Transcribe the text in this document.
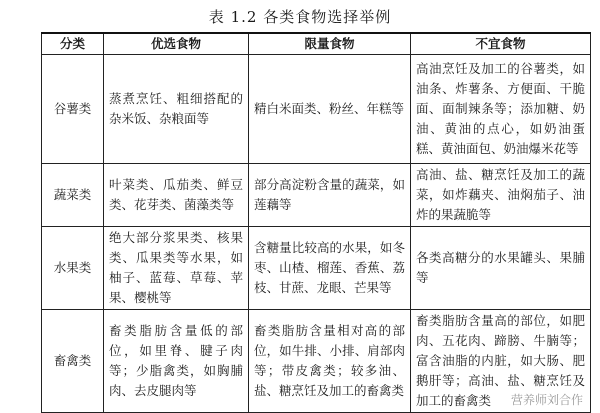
表 1.2 各类食物选择举例
分类	优选食物	限量食物	不宜食物
谷薯类	蒸煮烹饪、粗细搭配的杂米饭、杂粮面等	精白米面类、粉丝、年糕等	高油烹饪及加工的谷薯类，如油条、炸薯条、方便面、干脆面、面制辣条等；添加糖、奶油、黄油的点心，如奶油蛋糕、黄油面包、奶油爆米花等
蔬菜类	叶菜类、瓜茄类、鲜豆类、花芽类、菌藻类等	部分高淀粉含量的蔬菜，如莲藕等	高油、盐、糖烹饪及加工的蔬菜，如炸藕夹、油焖茄子、油炸的果蔬脆等
水果类	绝大部分浆果类、核果类、瓜果类等水果，如柚子、蓝莓、草莓、苹果、樱桃等	含糖量比较高的水果，如冬枣、山楂、榴莲、香蕉、荔枝、甘蔗、龙眼、芒果等	各类高糖分的水果罐头、果脯等
畜禽类	畜类脂肪含量低的部位，如里脊、腱子肉等；少脂禽类，如胸脯肉、去皮腿肉等	畜类脂肪含量相对高的部位，如牛排、小排、肩部肉等；带皮禽类；较多油、盐、糖烹饪及加工的畜禽类	畜类脂肪含量高的部位，如肥肉、五花肉、蹄膀、牛腩等；富含油脂的内脏，如大肠、肥鹅肝等；高油、盐、糖烹饪及加工的畜禽类 营养师刘合作
